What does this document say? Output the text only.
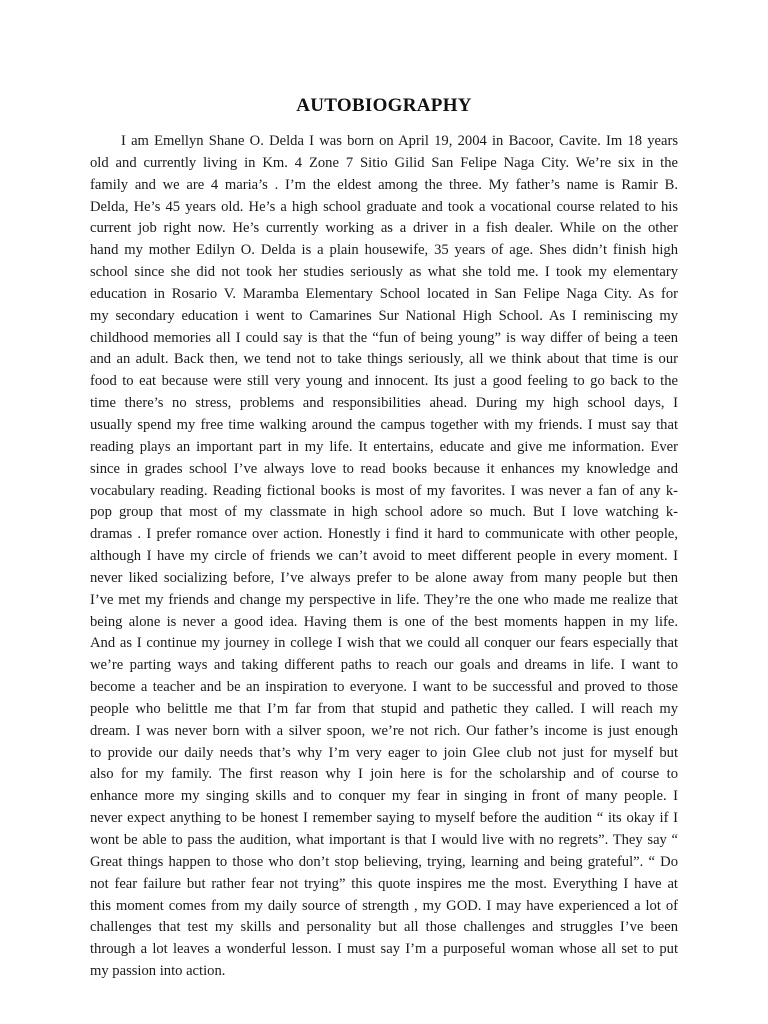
AUTOBIOGRAPHY
I am Emellyn Shane O. Delda I was born on April 19, 2004 in Bacoor, Cavite. Im 18 years
old and currently living in Km. 4 Zone 7 Sitio Gilid San Felipe Naga City. We’re six in the
family and we are 4 maria’s . I’m the eldest among the three. My father’s name is Ramir B.
Delda, He’s 45 years old. He’s a high school graduate and took a vocational course related to his
current job right now. He’s currently working as a driver in a fish dealer. While on the other
hand my mother Edilyn O. Delda is a plain housewife, 35 years of age. Shes didn’t finish high
school since she did not took her studies seriously as what she told me. I took my elementary
education in Rosario V. Maramba Elementary School located in San Felipe Naga City. As for
my secondary education i went to Camarines Sur National High School. As I reminiscing my
childhood memories all I could say is that the “fun of being young” is way differ of being a teen
and an adult. Back then, we tend not to take things seriously, all we think about that time is our
food to eat because were still very young and innocent. Its just a good feeling to go back to the
time there’s no stress, problems and responsibilities ahead. During my high school days, I
usually spend my free time walking around the campus together with my friends. I must say that
reading plays an important part in my life. It entertains, educate and give me information. Ever
since in grades school I’ve always love to read books because it enhances my knowledge and
vocabulary reading. Reading fictional books is most of my favorites. I was never a fan of any k-
pop group that most of my classmate in high school adore so much. But I love watching k-
dramas . I prefer romance over action. Honestly i find it hard to communicate with other people,
although I have my circle of friends we can’t avoid to meet different people in every moment. I
never liked socializing before, I’ve always prefer to be alone away from many people but then
I’ve met my friends and change my perspective in life. They’re the one who made me realize that
being alone is never a good idea. Having them is one of the best moments happen in my life.
And as I continue my journey in college I wish that we could all conquer our fears especially that
we’re parting ways and taking different paths to reach our goals and dreams in life. I want to
become a teacher and be an inspiration to everyone. I want to be successful and proved to those
people who belittle me that I’m far from that stupid and pathetic they called. I will reach my
dream. I was never born with a silver spoon, we’re not rich. Our father’s income is just enough
to provide our daily needs that’s why I’m very eager to join Glee club not just for myself but
also for my family. The first reason why I join here is for the scholarship and of course to
enhance more my singing skills and to conquer my fear in singing in front of many people. I
never expect anything to be honest I remember saying to myself before the audition “ its okay if I
wont be able to pass the audition, what important is that I would live with no regrets”. They say “
Great things happen to those who don’t stop believing, trying, learning and being grateful”. “ Do
not fear failure but rather fear not trying” this quote inspires me the most. Everything I have at
this moment comes from my daily source of strength , my GOD. I may have experienced a lot of
challenges that test my skills and personality but all those challenges and struggles I’ve been
through a lot leaves a wonderful lesson. I must say I’m a purposeful woman whose all set to put
my passion into action.
